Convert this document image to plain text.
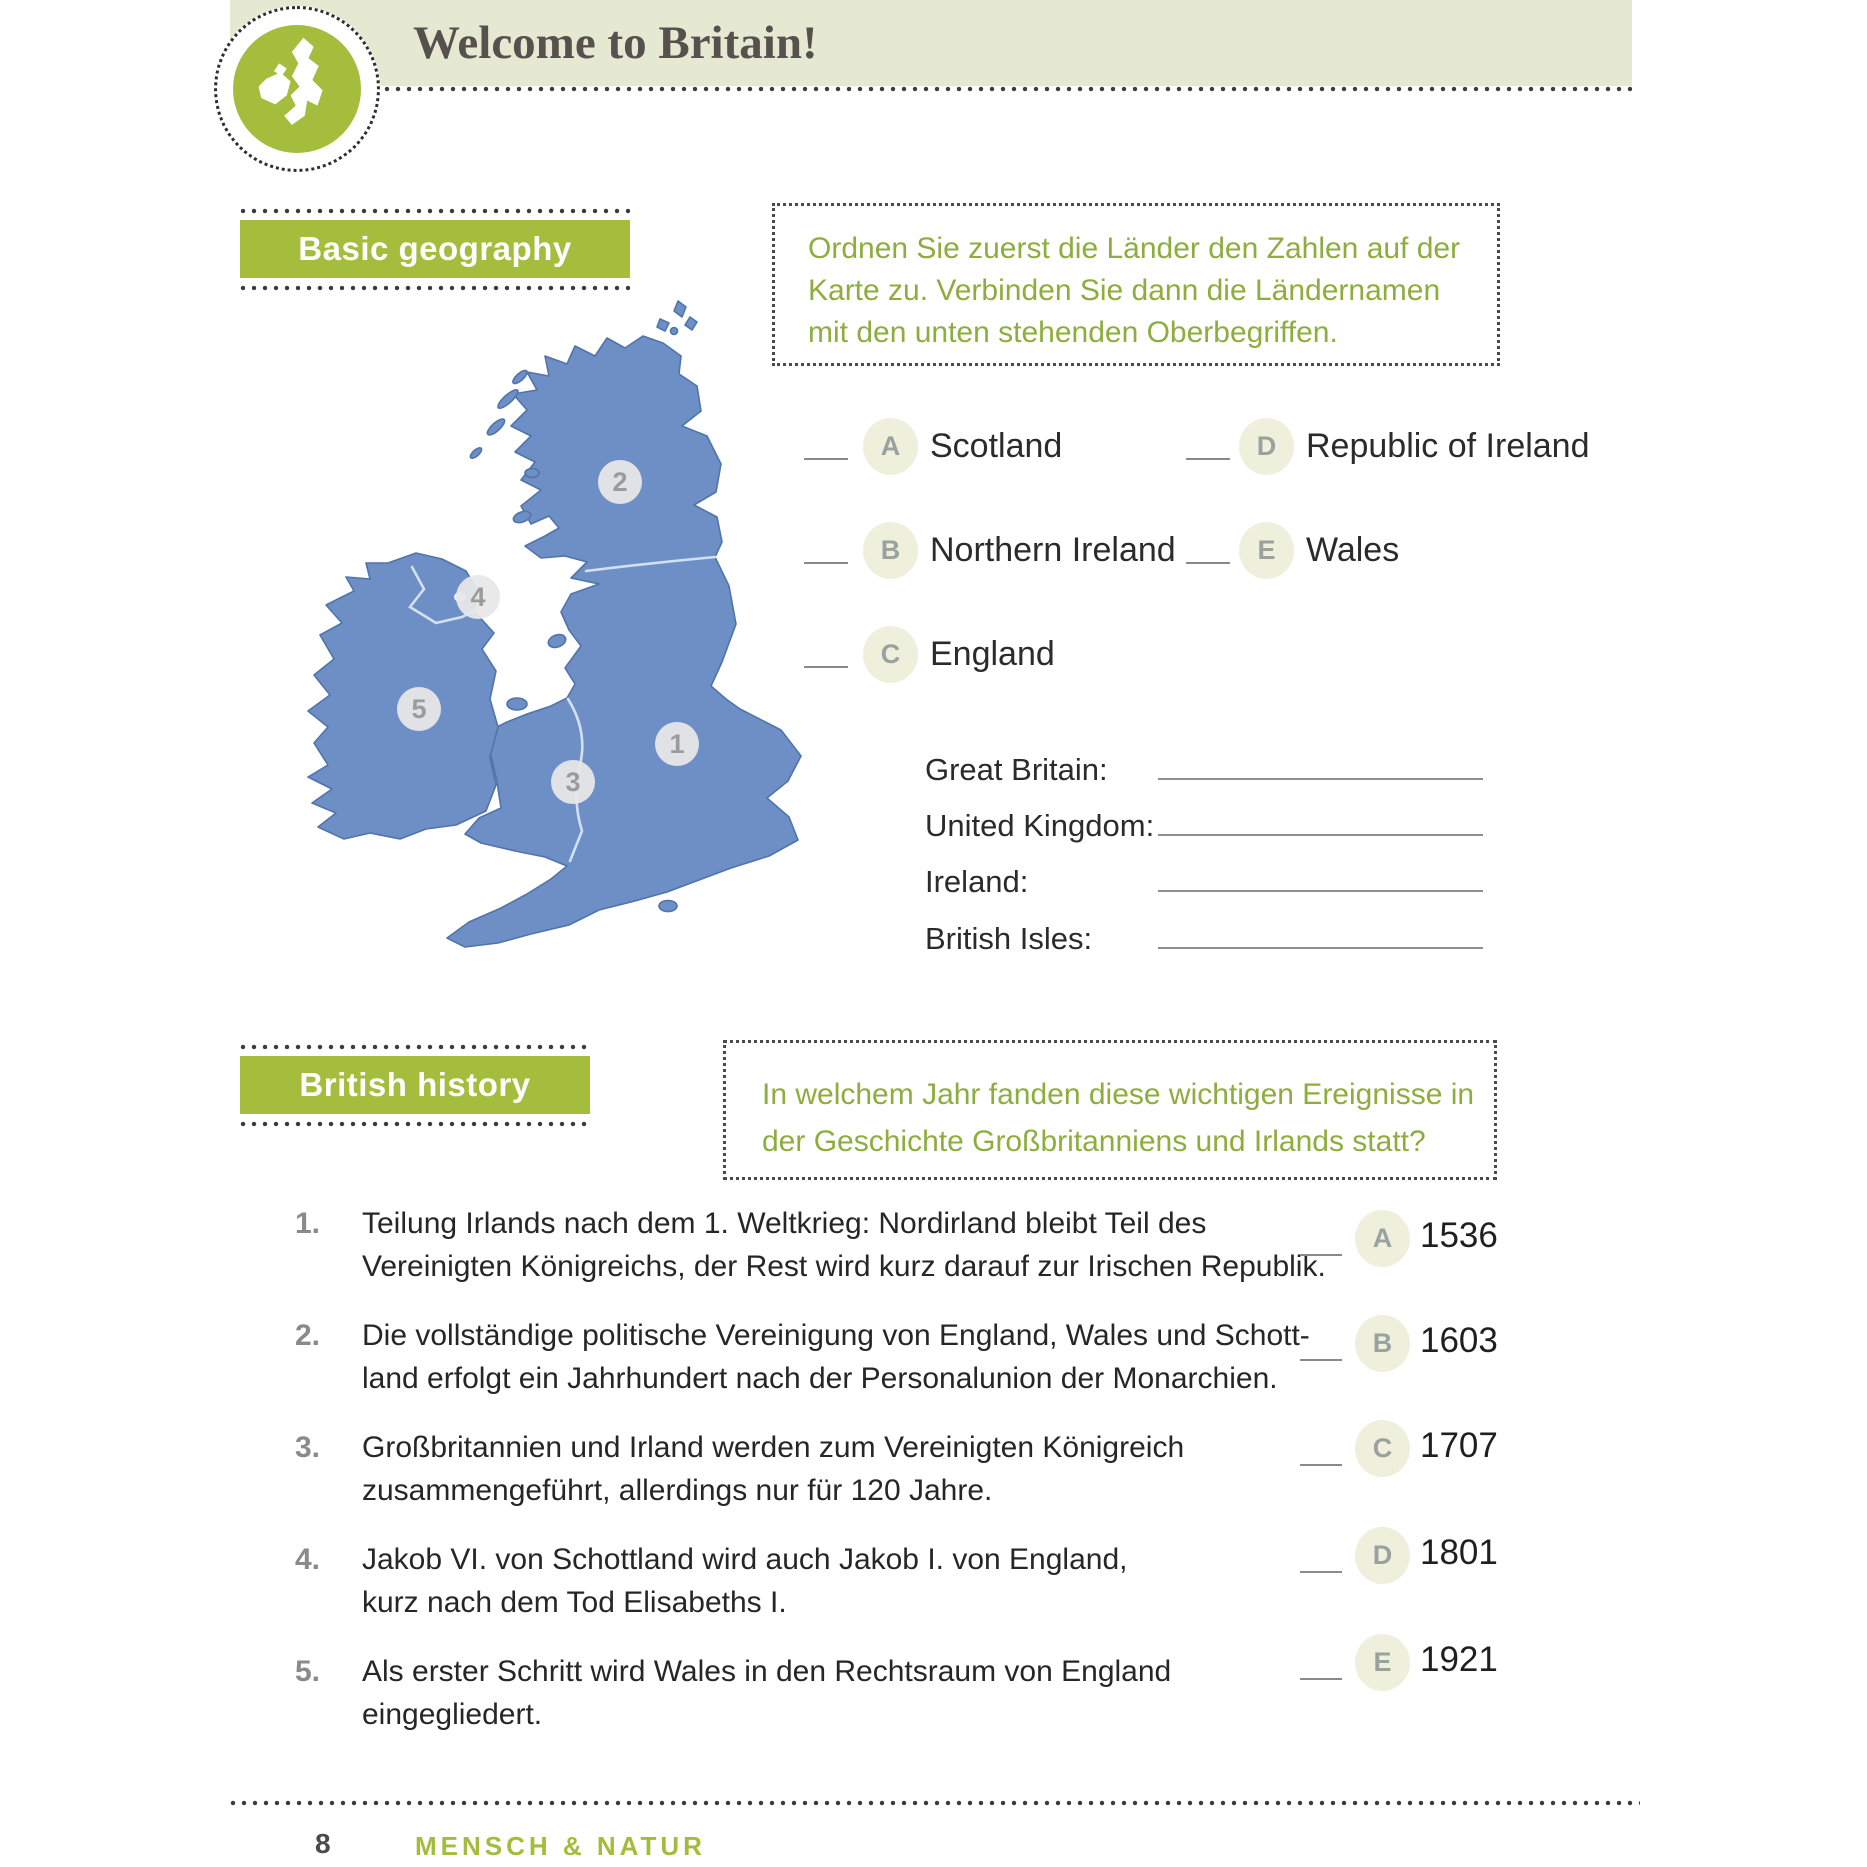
Welcome to Britain!
Basic geography	Ordnen Sie zuerst die Länder den Zahlen auf der
Karte zu. Verbinden Sie dann die Ländernamen
mit den unten stehenden Oberbegriffen.
1
2
3
4
5
A Scotland
B Northern Ireland
C England
D Republic of Ireland
E Wales
Great Britain:
United Kingdom:
Ireland:
British Isles:
British history	In welchem Jahr fanden diese wichtigen Ereignisse in
der Geschichte Großbritanniens und Irlands statt?
1.	Teilung Irlands nach dem 1. Weltkrieg: Nordirland bleibt Teil des
Vereinigten Königreichs, der Rest wird kurz darauf zur Irischen Republik.
2.	Die vollständige politische Vereinigung von England, Wales und Schott-
land erfolgt ein Jahrhundert nach der Personalunion der Monarchien.
3.	Großbritannien und Irland werden zum Vereinigten Königreich
zusammengeführt, allerdings nur für 120 Jahre.
4.	Jakob VI. von Schottland wird auch Jakob I. von England,
kurz nach dem Tod Elisabeths I.
5.	Als erster Schritt wird Wales in den Rechtsraum von England
eingegliedert.
A 1536
B 1603
C 1707
D 1801
E 1921
8	MENSCH & NATUR
